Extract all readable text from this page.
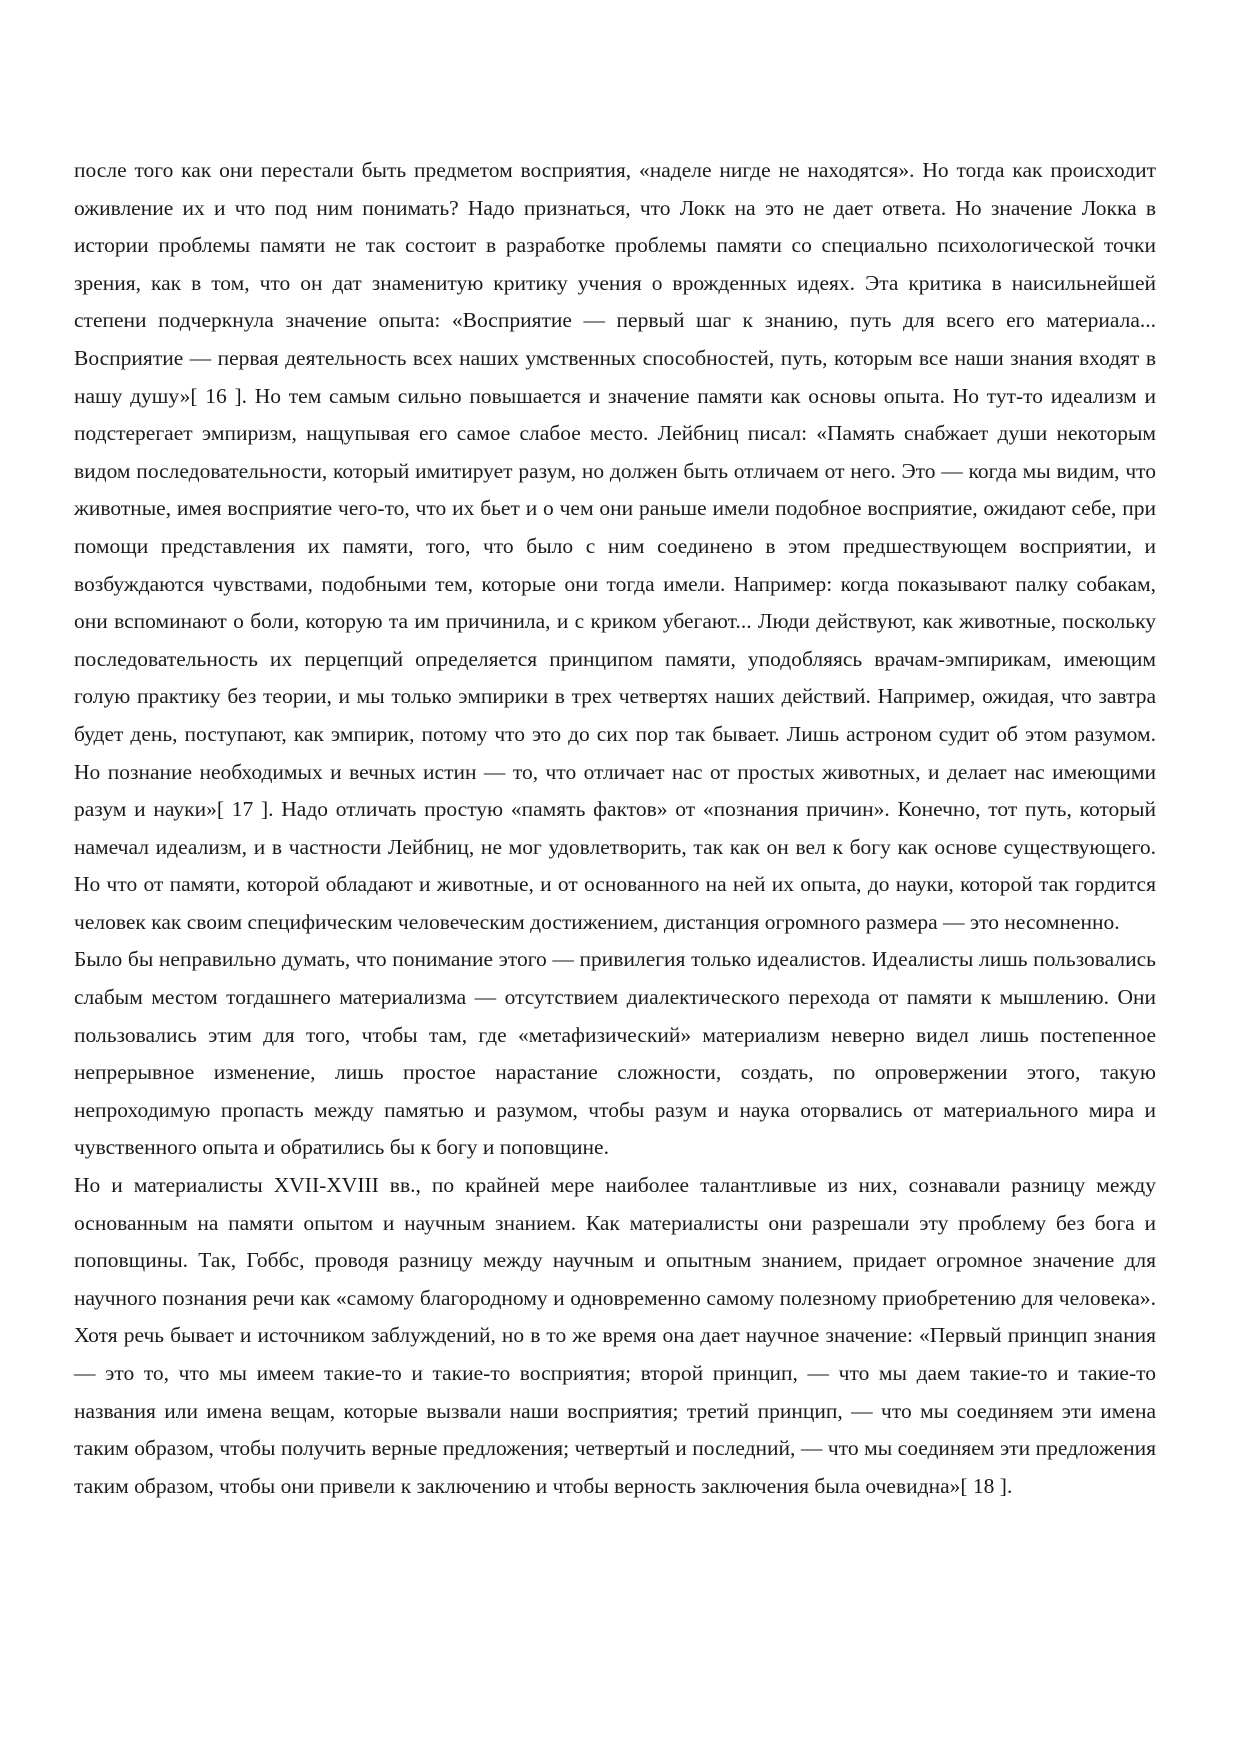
после того как они перестали быть предметом восприятия, «наделе нигде не находятся». Но тогда как происходит оживление их и что под ним понимать? Надо признаться, что Локк на это не дает ответа. Но значение Локка в истории проблемы памяти не так состоит в разработке проблемы памяти со специально психологической точки зрения, как в том, что он дат знаменитую критику учения о врожденных идеях. Эта критика в наисильнейшей степени подчеркнула значение опыта: «Восприятие — первый шаг к знанию, путь для всего его материала... Восприятие — первая деятельность всех наших умственных способностей, путь, которым все наши знания входят в нашу душу»[ 16 ]. Но тем самым сильно повышается и значение памяти как основы опыта. Но тут-то идеализм и подстерегает эмпиризм, нащупывая его самое слабое место. Лейбниц писал: «Память снабжает души некоторым видом последовательности, который имитирует разум, но должен быть отличаем от него. Это — когда мы видим, что животные, имея восприятие чего-то, что их бьет и о чем они раньше имели подобное восприятие, ожидают себе, при помощи представления их памяти, того, что было с ним соединено в этом предшествующем восприятии, и возбуждаются чувствами, подобными тем, которые они тогда имели. Например: когда показывают палку собакам, они вспоминают о боли, которую та им причинила, и с криком убегают... Люди действуют, как животные, поскольку последовательность их перцепций определяется принципом памяти, уподобляясь врачам-эмпирикам, имеющим голую практику без теории, и мы только эмпирики в трех четвертях наших действий. Например, ожидая, что завтра будет день, поступают, как эмпирик, потому что это до сих пор так бывает. Лишь астроном судит об этом разумом. Но познание необходимых и вечных истин — то, что отличает нас от простых животных, и делает нас имеющими разум и науки»[ 17 ]. Надо отличать простую «память фактов» от «познания причин». Конечно, тот путь, который намечал идеализм, и в частности Лейбниц, не мог удовлетворить, так как он вел к богу как основе существующего. Но что от памяти, которой обладают и животные, и от основанного на ней их опыта, до науки, которой так гордится человек как своим специфическим человеческим достижением, дистанция огромного размера — это несомненно.

Было бы неправильно думать, что понимание этого — привилегия только идеалистов. Идеалисты лишь пользовались слабым местом тогдашнего материализма — отсутствием диалектического перехода от памяти к мышлению. Они пользовались этим для того, чтобы там, где «метафизический» материализм неверно видел лишь постепенное непрерывное изменение, лишь простое нарастание сложности, создать, по опровержении этого, такую непроходимую пропасть между памятью и разумом, чтобы разум и наука оторвались от материального мира и чувственного опыта и обратились бы к богу и поповщине.

Но и материалисты XVII-XVIII вв., по крайней мере наиболее талантливые из них, сознавали разницу между основанным на памяти опытом и научным знанием. Как материалисты они разрешали эту проблему без бога и поповщины. Так, Гоббс, проводя разницу между научным и опытным знанием, придает огромное значение для научного познания речи как «самому благородному и одновременно самому полезному приобретению для человека». Хотя речь бывает и источником заблуждений, но в то же время она дает научное значение: «Первый принцип знания — это то, что мы имеем такие-то и такие-то восприятия; второй принцип, — что мы даем такие-то и такие-то названия или имена вещам, которые вызвали наши восприятия; третий принцип, — что мы соединяем эти имена таким образом, чтобы получить верные предложения; четвертый и последний, — что мы соединяем эти предложения таким образом, чтобы они привели к заключению и чтобы верность заключения была очевидна»[ 18 ].
